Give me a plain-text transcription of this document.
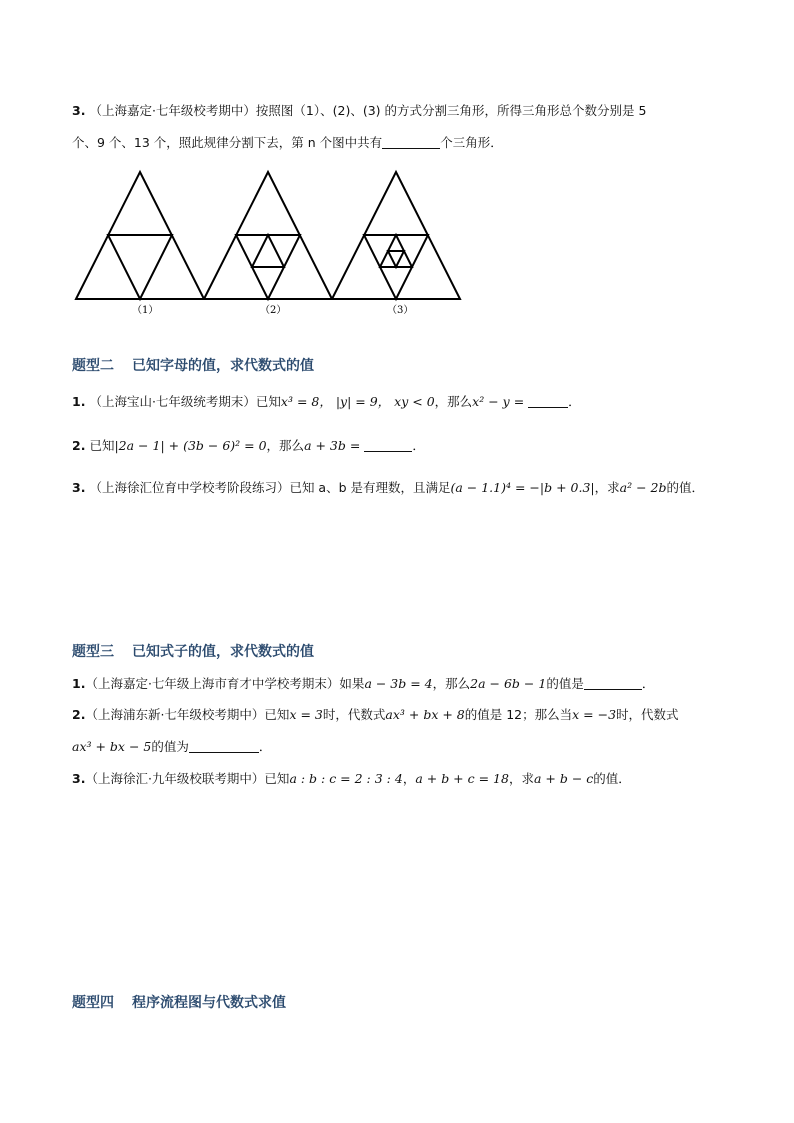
3. （上海嘉定·七年级校考期中）按照图（1）、(2)、(3) 的方式分割三角形，所得三角形总个数分别是 5
个、9 个、13 个，照此规律分割下去，第 n 个图中共有	个三角形．
（1）	（2）	（3）
题型二 已知字母的值，求代数式的值
1. （上海宝山·七年级统考期末）已知x³ = 8， |y| = 9， xy < 0，那么x² − y =	．
2. 已知|2a − 1| + (3b − 6)² = 0，那么a + 3b =	．
3. （上海徐汇位育中学校考阶段练习）已知 a、b 是有理数，且满足(a − 1.1)⁴ = −|b + 0.3|，求a² − 2b的值．
题型三 已知式子的值，求代数式的值
1.（上海嘉定·七年级上海市育才中学校考期末）如果a − 3b = 4，那么2a − 6b − 1的值是	．
2.（上海浦东新·七年级校考期中）已知x = 3时，代数式ax³ + bx + 8的值是 12；那么当x = −3时，代数式
ax³ + bx − 5的值为	．
3.（上海徐汇·九年级校联考期中）已知a : b : c = 2 : 3 : 4，a + b + c = 18，求a + b − c的值．
题型四 程序流程图与代数式求值
